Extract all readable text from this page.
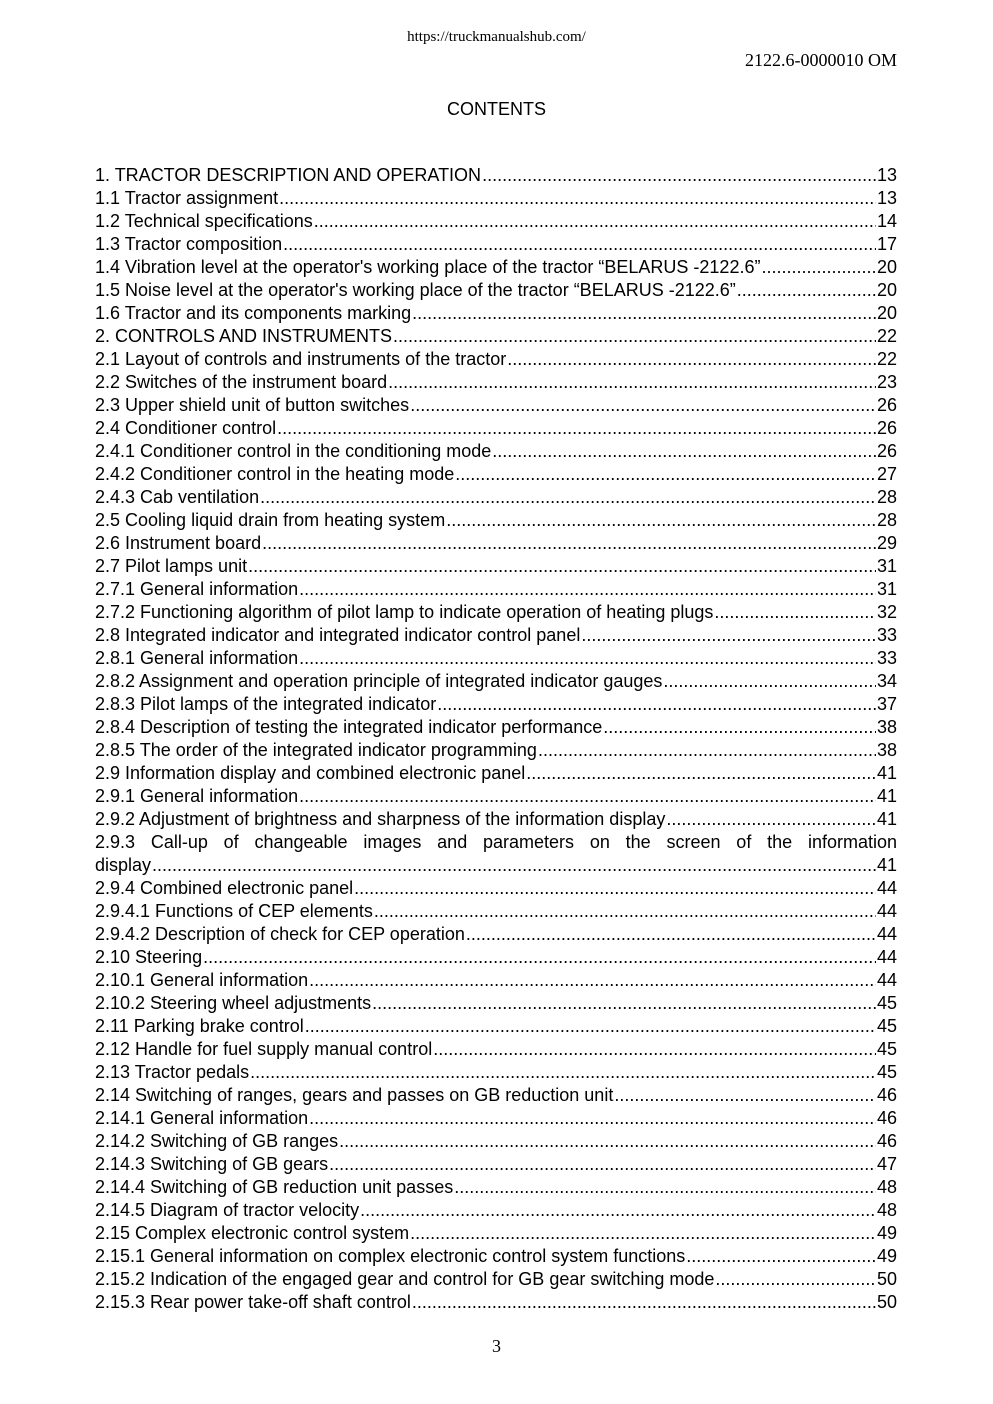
https://truckmanualshub.com/
2122.6-0000010 OM
CONTENTS
1. TRACTOR DESCRIPTION AND OPERATION .....	13
1.1 Tractor assignment .....	13
1.2 Technical specifications .....	14
1.3 Tractor composition .....	17
1.4 Vibration level at the operator's working place of the tractor “BELARUS -2122.6” .....	20
1.5 Noise level at the operator's working place of the tractor “BELARUS -2122.6” .....	20
1.6 Tractor and its components marking .....	20
2. CONTROLS AND INSTRUMENTS .....	22
2.1 Layout of controls and instruments of the tractor .....	22
2.2 Switches of the instrument board .....	23
2.3 Upper shield unit of button switches .....	26
2.4 Conditioner control .....	26
2.4.1 Conditioner control in the conditioning mode .....	26
2.4.2 Conditioner control in the heating mode .....	27
2.4.3 Cab ventilation .....	28
2.5 Cooling liquid drain from heating system .....	28
2.6 Instrument board .....	29
2.7 Pilot lamps unit .....	31
2.7.1 General information .....	31
2.7.2 Functioning algorithm of pilot lamp to indicate operation of heating plugs .....	32
2.8 Integrated indicator and integrated indicator control panel .....	33
2.8.1 General information .....	33
2.8.2 Assignment and operation principle of integrated indicator gauges .....	34
2.8.3 Pilot lamps of the integrated indicator .....	37
2.8.4 Description of testing the integrated indicator performance .....	38
2.8.5 The order of the integrated indicator programming .....	38
2.9 Information display and combined electronic panel .....	41
2.9.1 General information .....	41
2.9.2 Adjustment of brightness and sharpness of the information display .....	41
2.9.3 Call-up of changeable images and parameters on the screen of the information
display .....	41
2.9.4 Combined electronic panel .....	44
2.9.4.1 Functions of CEP elements .....	44
2.9.4.2 Description of check for CEP operation .....	44
2.10 Steering .....	44
2.10.1 General information .....	44
2.10.2 Steering wheel adjustments .....	45
2.11 Parking brake control .....	45
2.12 Handle for fuel supply manual control .....	45
2.13 Tractor pedals .....	45
2.14 Switching of ranges, gears and passes on GB reduction unit .....	46
2.14.1 General information .....	46
2.14.2 Switching of GB ranges .....	46
2.14.3 Switching of GB gears .....	47
2.14.4 Switching of GB reduction unit passes .....	48
2.14.5 Diagram of tractor velocity .....	48
2.15 Complex electronic control system .....	49
2.15.1 General information on complex electronic control system functions .....	49
2.15.2 Indication of the engaged gear and control for GB gear switching mode .....	50
2.15.3 Rear power take-off shaft control .....	50
3
